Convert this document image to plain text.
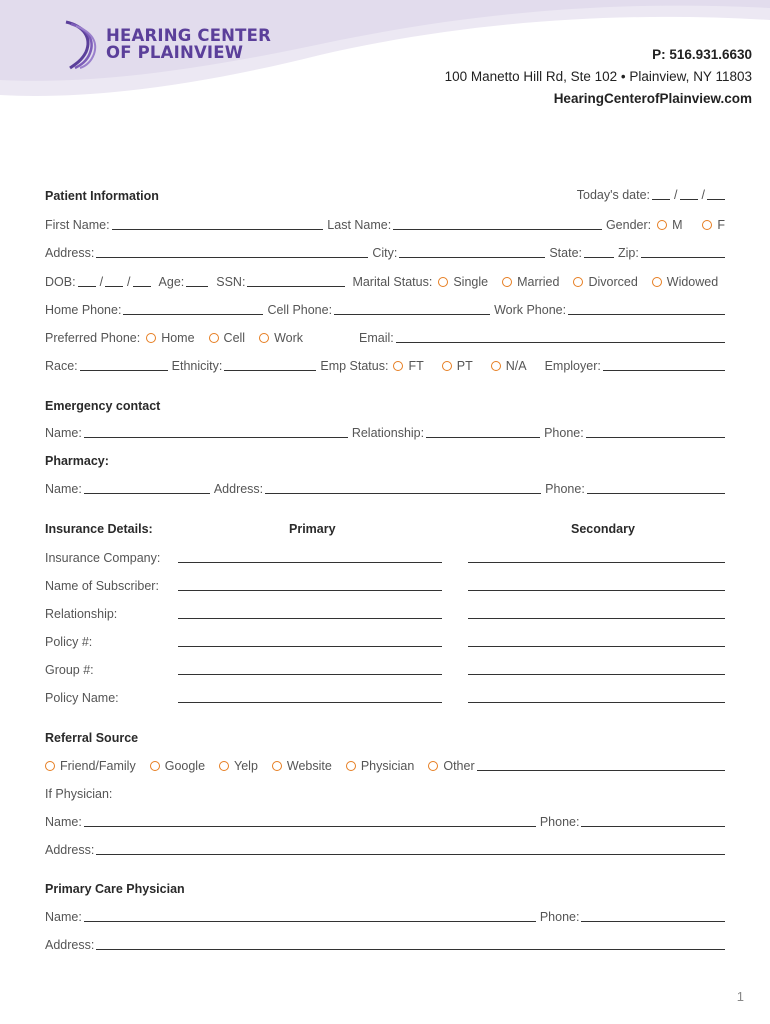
HEARING CENTER
OF PLAINVIEW	P: 516.931.6630
100 Manetto Hill Rd, Ste 102 • Plainview, NY 11803
HearingCenterofPlainview.com
Patient Information	Today's date: / /
First Name:	Last Name:	Gender: M	F
Address:	City:	State:	Zip:
DOB: / / Age:	SSN:	Marital Status: Single Married Divorced Widowed
Home Phone:	Cell Phone:	Work Phone:
Preferred Phone: Home Cell Work	Email:
Race:	Ethnicity:	Emp Status: FT	PT	N/A Employer:
Emergency contact
Name:	Relationship:	Phone:
Pharmacy:
Name:	Address:	Phone:
Insurance Details:	Primary	Secondary
Insurance Company:
Name of Subscriber:
Relationship:
Policy #:
Group #:
Policy Name:
Referral Source
Friend/Family Google Yelp Website Physician Other
If Physician:
Name:	Phone:
Address:
Primary Care Physician
Name:	Phone:
Address:
1
